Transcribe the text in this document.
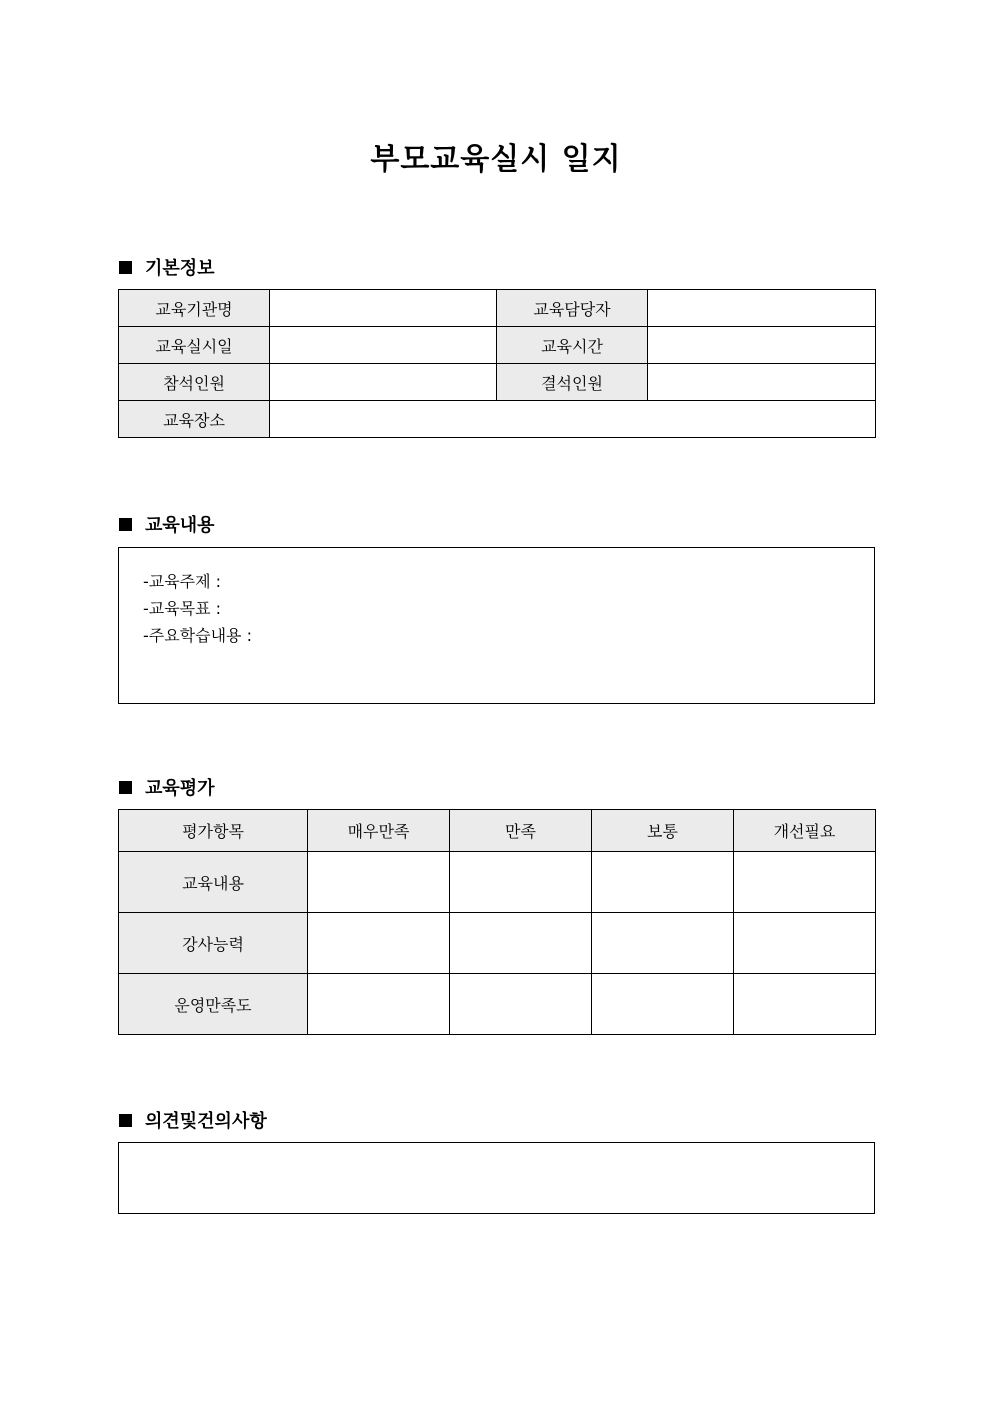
부모교육실시 일지
기본정보
교육기관명		교육담당자	
교육실시일		교육시간	
참석인원		결석인원	
교육장소			
교육내용
-교육주제 :
-교육목표 :
-주요학습내용 :
교육평가
평가항목	매우만족	만족	보통	개선필요
교육내용				
강사능력				
운영만족도				
의견및건의사항
